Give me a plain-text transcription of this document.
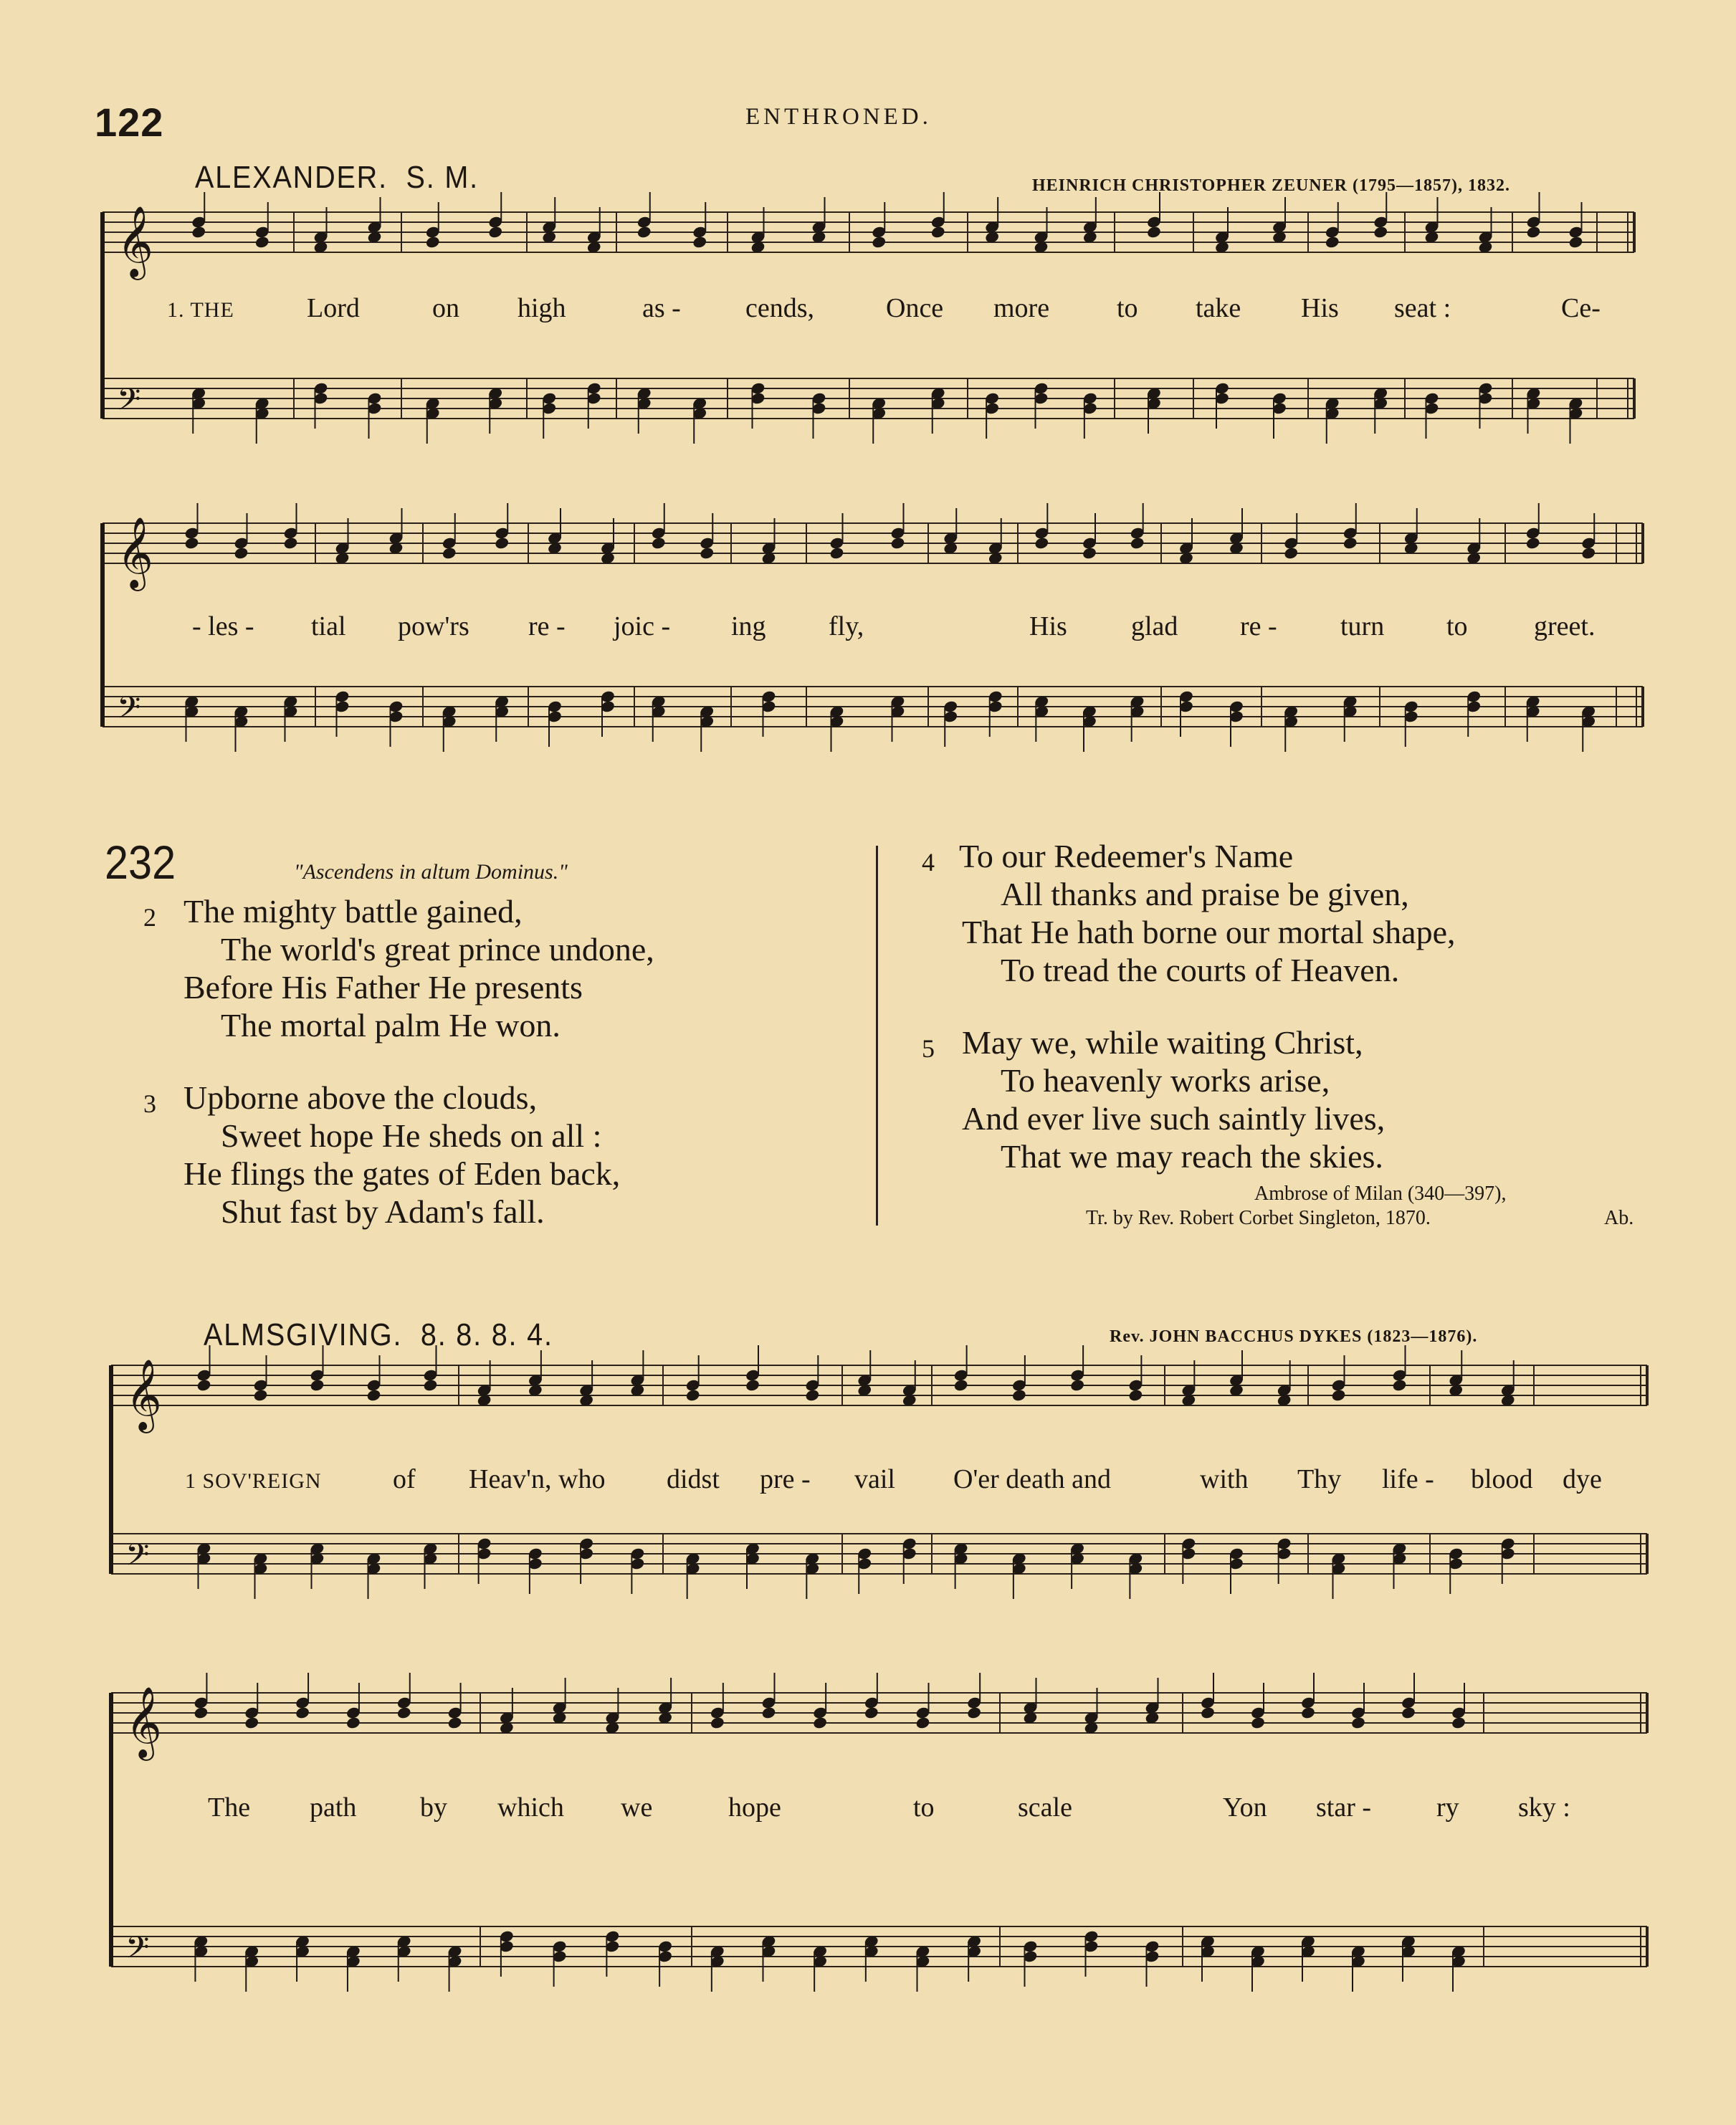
122	ENTHRONED.
ALEXANDER. S. M.	HEINRICH CHRISTOPHER ZEUNER (1795—1857), 1832.
𝄞
𝄢
1. THE	Lord	on high	as - cends,	Once more to take His seat :	Ce-
𝄞
𝄢
- les - tial pow'rs re - joic - ing fly,	His glad re - turn to greet.
232	"Ascendens in altum Dominus."
2 The mighty battle gained,
The world's great prince undone,
Before His Father He presents
The mortal palm He won.
3 Upborne above the clouds,
Sweet hope He sheds on all :
He flings the gates of Eden back,
Shut fast by Adam's fall.
4 To our Redeemer's Name
All thanks and praise be given,
That He hath borne our mortal shape,
To tread the courts of Heaven.
5 May we, while waiting Christ,
To heavenly works arise,
And ever live such saintly lives,
That we may reach the skies.
Ambrose of Milan (340—397),
Tr. by Rev. Robert Corbet Singleton, 1870.	Ab.
ALMSGIVING. 8. 8. 8. 4.	Rev. JOHN BACCHUS DYKES (1823—1876).
𝄞
𝄢
1 SOV'REIGN	of Heav'n, who didst pre - vail O'er death and	with Thy life - blood dye
𝄞
𝄢
The path by which we	hope	to	scale	Yon star - ry sky :
